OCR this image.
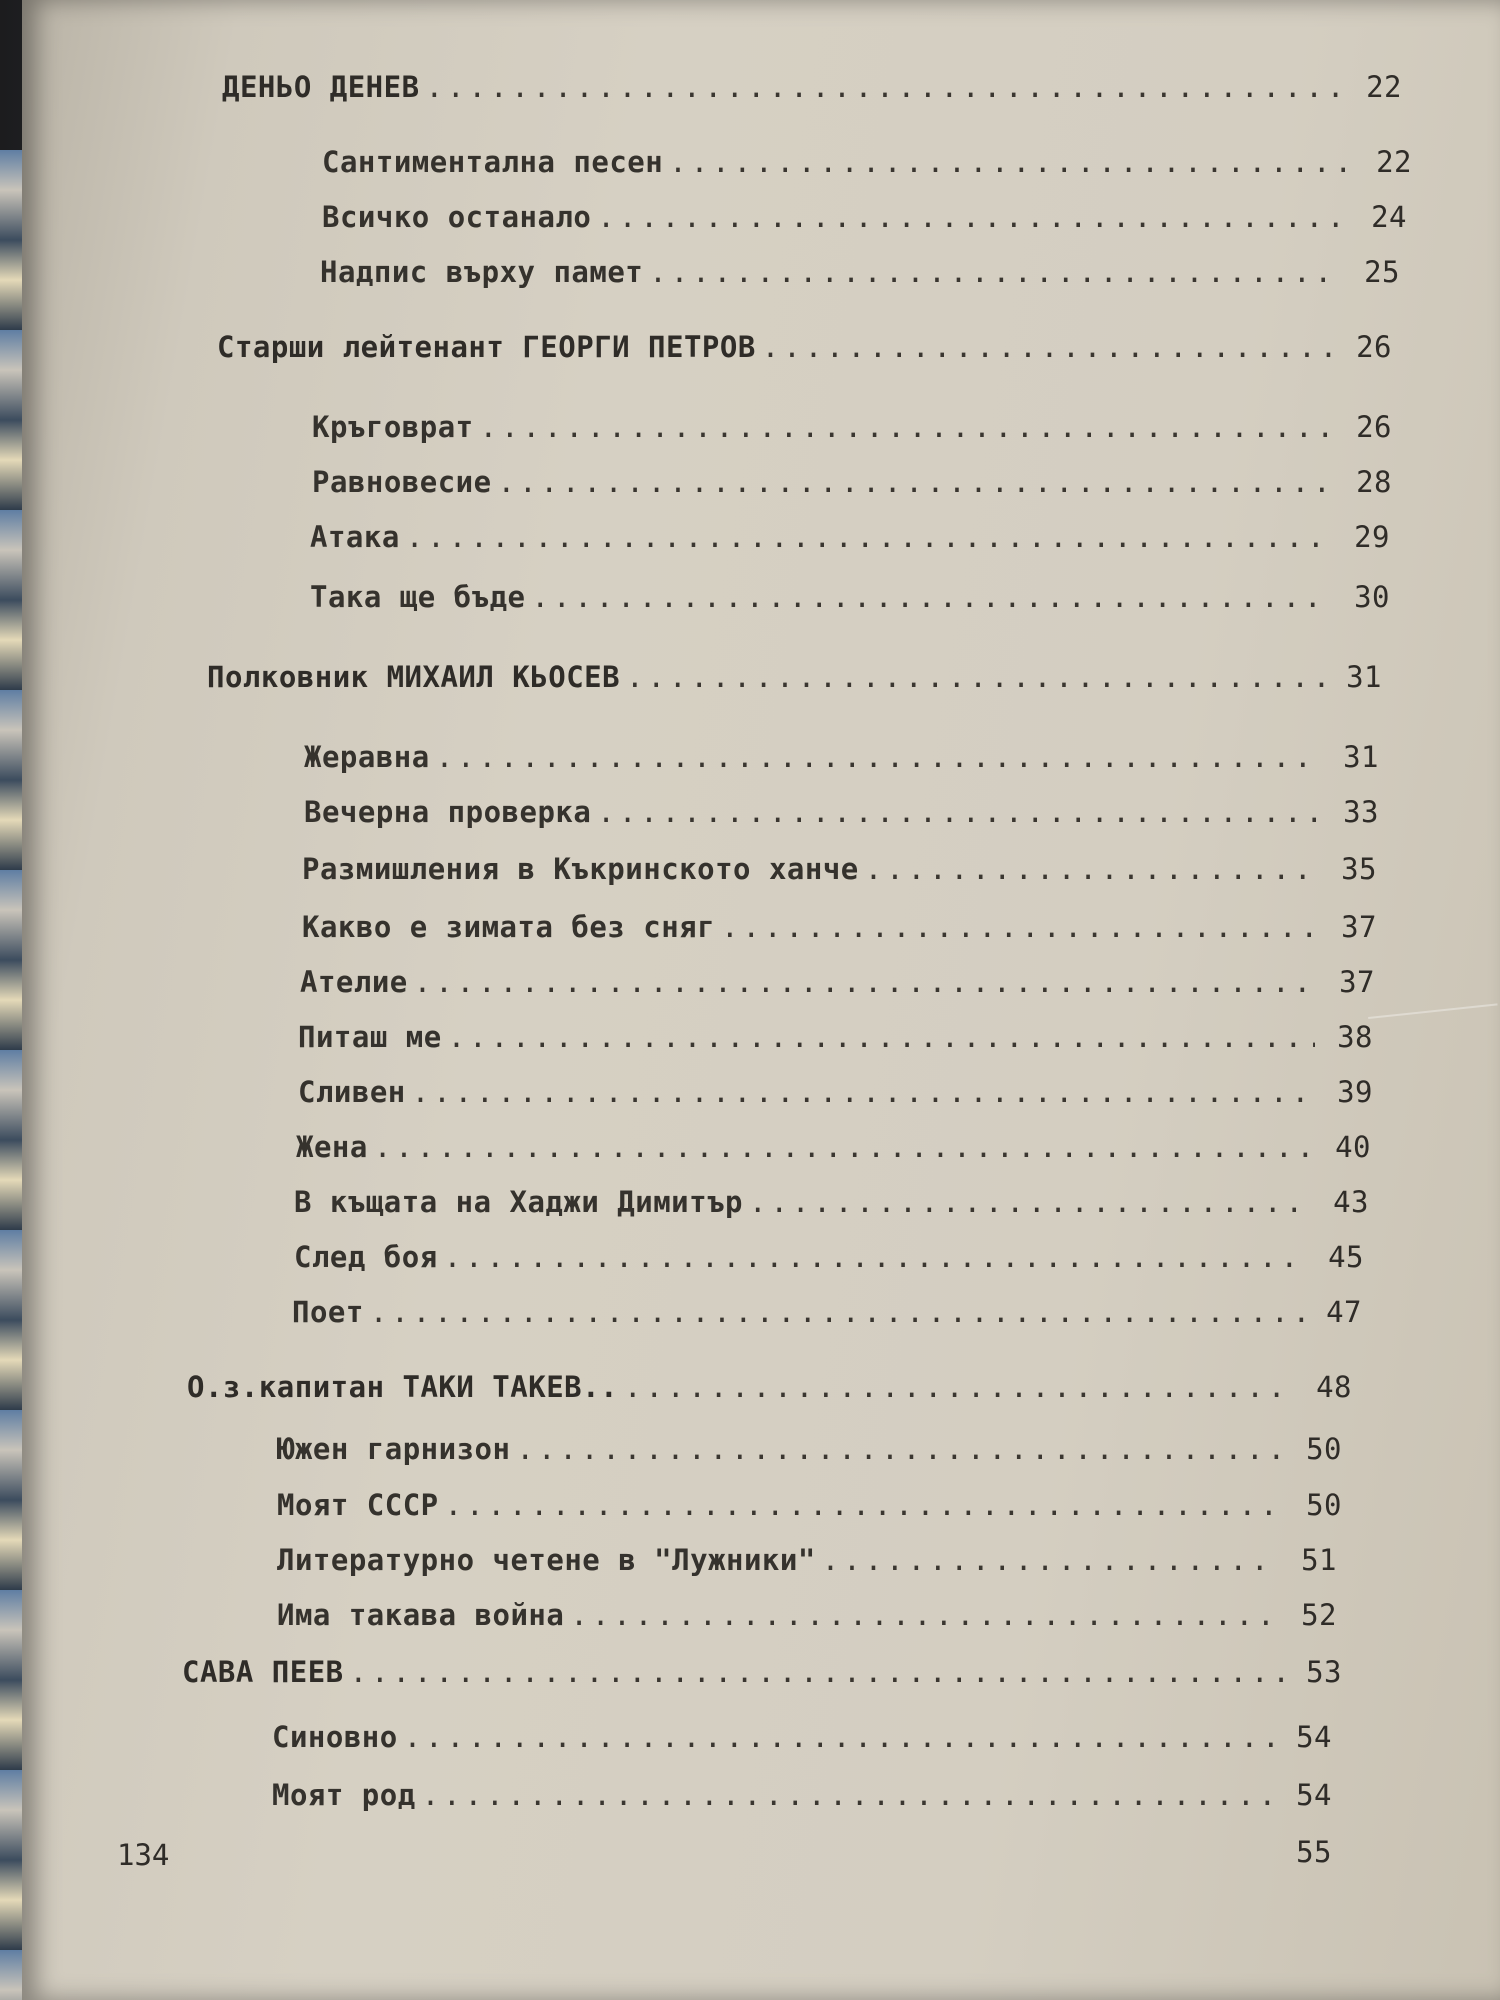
ДЕНЬО ДЕНЕВ .....	22
Сантиментална песен .....	22
Всичко останало .....	24
Надпис върху памет .....	25
Старши лейтенант ГЕОРГИ ПЕТРОВ .....	26
Кръговрат .....	26
Равновесие .....	28
Атака .....	29
Така ще бъде .....	30
Полковник МИХАИЛ КЬОСЕВ .....	31
Жеравна .....	31
Вечерна проверка .....	33
Размишления в Къкринското ханче .....	35
Какво е зимата без сняг .....	37
Ателие .....	37
Питаш ме .....	38
Сливен .....	39
Жена .....	40
В къщата на Хаджи Димитър .....	43
След боя .....	45
Поет .....	47
О.з.капитан ТАКИ ТАКЕВ.. .....	48
Южен гарнизон .....	50
Моят СССР .....	50
Литературно четене в "Лужники" .....	51
Има такава война .....	52
САВА ПЕЕВ .....	53
Синовно .....	54
Моят род .....	54
55
134
